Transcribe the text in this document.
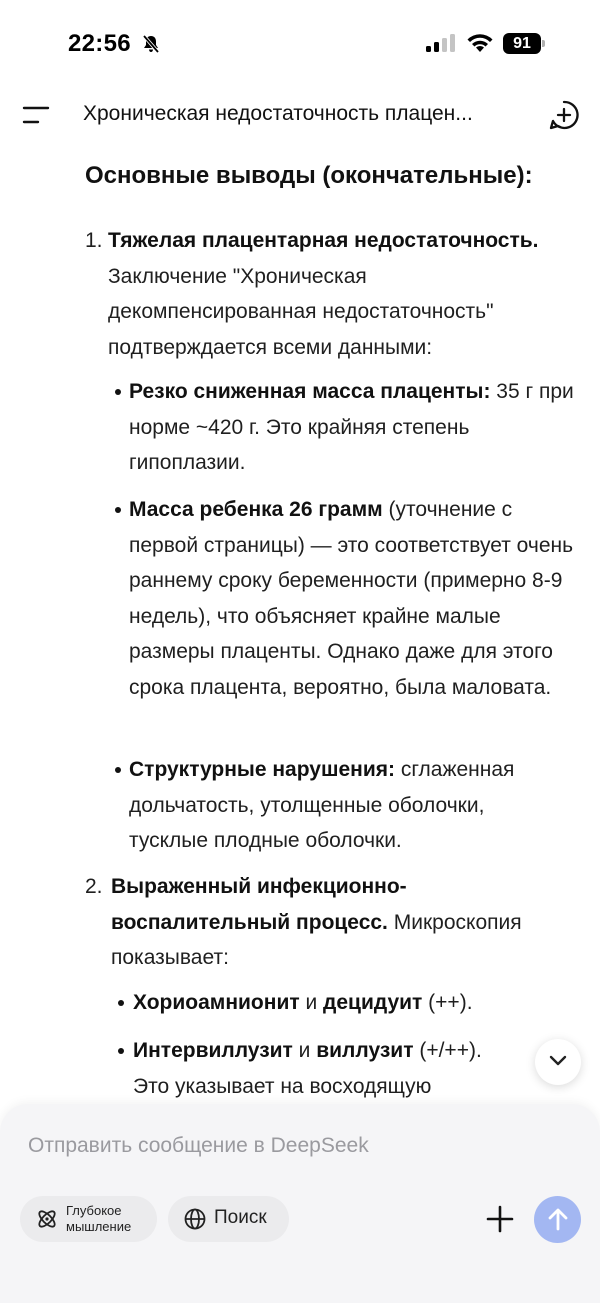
22:56	91
Хроническая недостаточность плацен...
Основные выводы (окончательные):
1. Тяжелая плацентарная недостаточность. Заключение "Хроническая декомпенсированная недостаточность" подтверждается всеми данными:
Резко сниженная масса плаценты: 35 г при норме ~420 г. Это крайняя степень гипоплазии.
Масса ребенка 26 грамм (уточнение с первой страницы) — это соответствует очень раннему сроку беременности (примерно 8-9 недель), что объясняет крайне малые размеры плаценты. Однако даже для этого срока плацента, вероятно, была маловата.
Структурные нарушения: сглаженная дольчатость, утолщенные оболочки, тусклые плодные оболочки.
2. Выраженный инфекционно-воспалительный процесс. Микроскопия показывает:
Хориоамнионит и децидуит (++).
Интервиллузит и виллузит (+/++). Это указывает на восходящую
Отправить сообщение в DeepSeek
Глубокое мышление	Поиск
